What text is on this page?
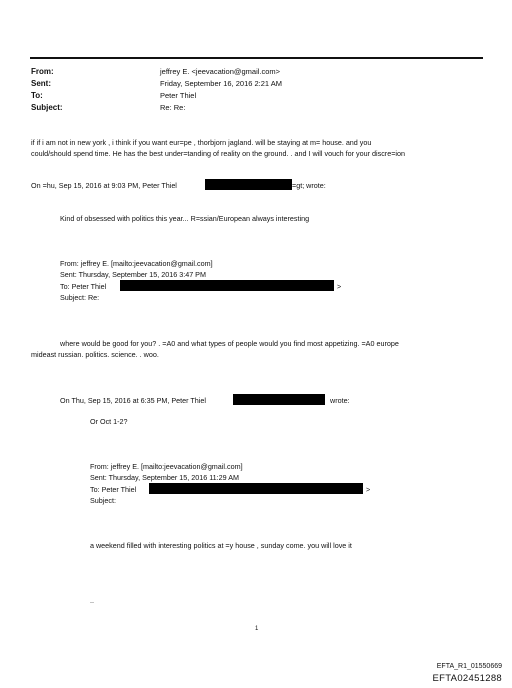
From:	jeffrey E. <jeevacation@gmail.com>
Sent:	Friday, September 16, 2016 2:21 AM
To:	Peter Thiel
Subject:	Re: Re:
if if i am not in new york , i think if you want eur=pe , thorbjorn jagland. will be staying at m= house. and you
could/should spend time. He has the best under=tanding of reality on the ground. . and I will vouch for your discre=ion
On =hu, Sep 15, 2016 at 9:03 PM, Peter Thiel	=gt; wrote:
Kind of obsessed with politics this year... R=ssian/European always interesting
From: jeffrey E. [mailto:jeevacation@gmail.com]
Sent: Thursday, September 15, 2016 3:47 PM
To: Peter Thiel	>
Subject: Re:
where would be good for you? . =A0 and what types of people would you find most appetizing. =A0 europe
mideast russian. politics. science. . woo.
On Thu, Sep 15, 2016 at 6:35 PM, Peter Thiel	wrote:
Or Oct 1-2?
From: jeffrey E. [mailto:jeevacation@gmail.com]
Sent: Thursday, September 15, 2016 11:29 AM
To: Peter Thiel	>
Subject:
a weekend filled with interesting politics at =y house , sunday come. you will love it
..
1
EFTA_R1_01550669
EFTA02451288
